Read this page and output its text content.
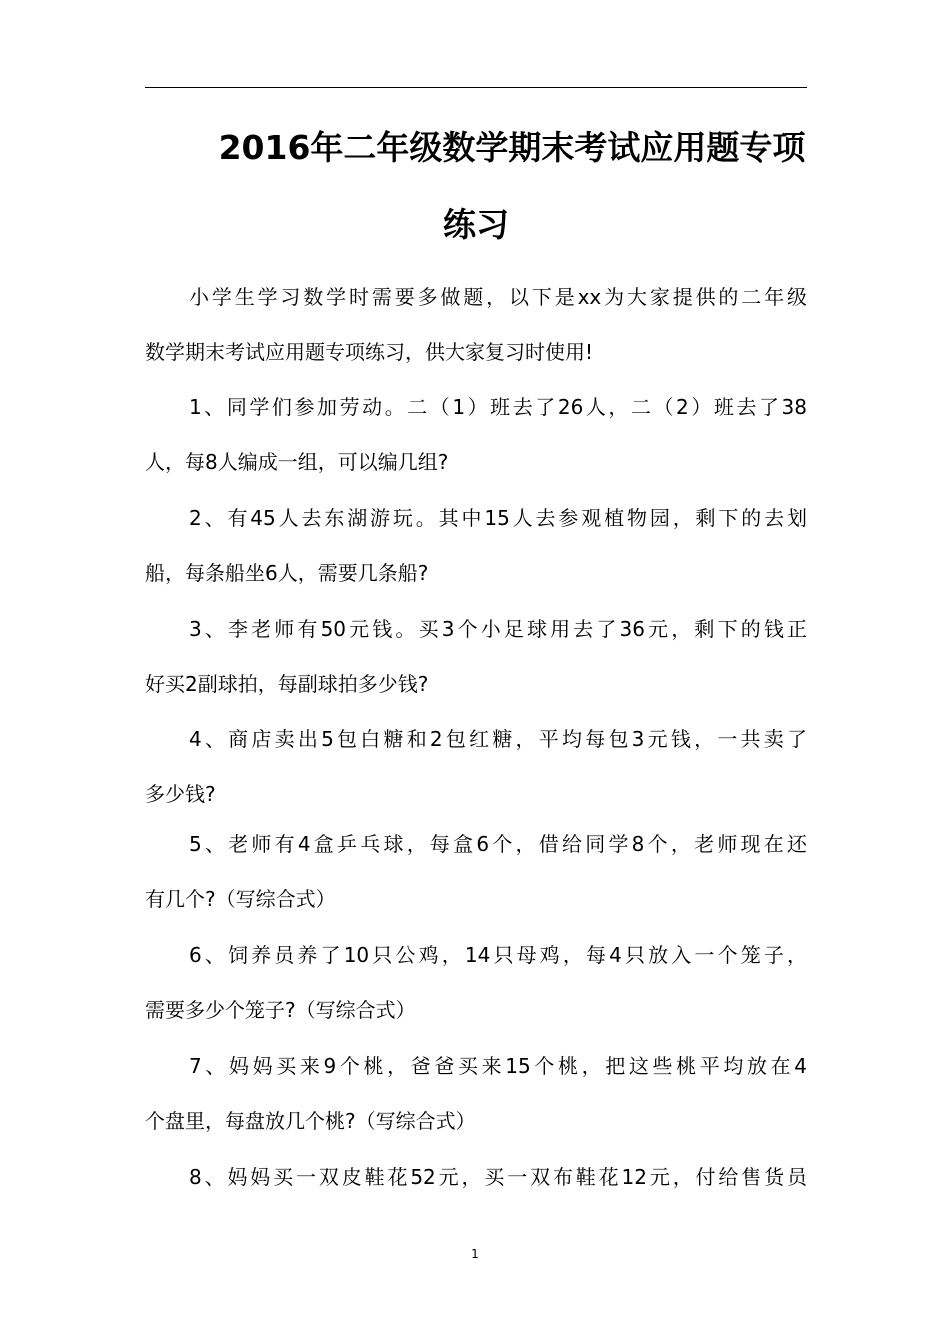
2016年二年级数学期末考试应用题专项
练习
小学生学习数学时需要多做题，以下是xx为大家提供的二年级
数学期末考试应用题专项练习，供大家复习时使用!
1、同学们参加劳动。二（1）班去了26人，二（2）班去了38
人，每8人编成一组，可以编几组?
2、有45人去东湖游玩。其中15人去参观植物园，剩下的去划
船，每条船坐6人，需要几条船?
3、李老师有50元钱。买3个小足球用去了36元，剩下的钱正
好买2副球拍，每副球拍多少钱?
4、商店卖出5包白糖和2包红糖，平均每包3元钱，一共卖了
多少钱?
5、老师有4盒乒乓球，每盒6个，借给同学8个，老师现在还
有几个?（写综合式）
6、饲养员养了10只公鸡，14只母鸡，每4只放入一个笼子，
需要多少个笼子?（写综合式）
7、妈妈买来9个桃，爸爸买来15个桃，把这些桃平均放在4
个盘里，每盘放几个桃?（写综合式）
8、妈妈买一双皮鞋花52元，买一双布鞋花12元，付给售货员
1
